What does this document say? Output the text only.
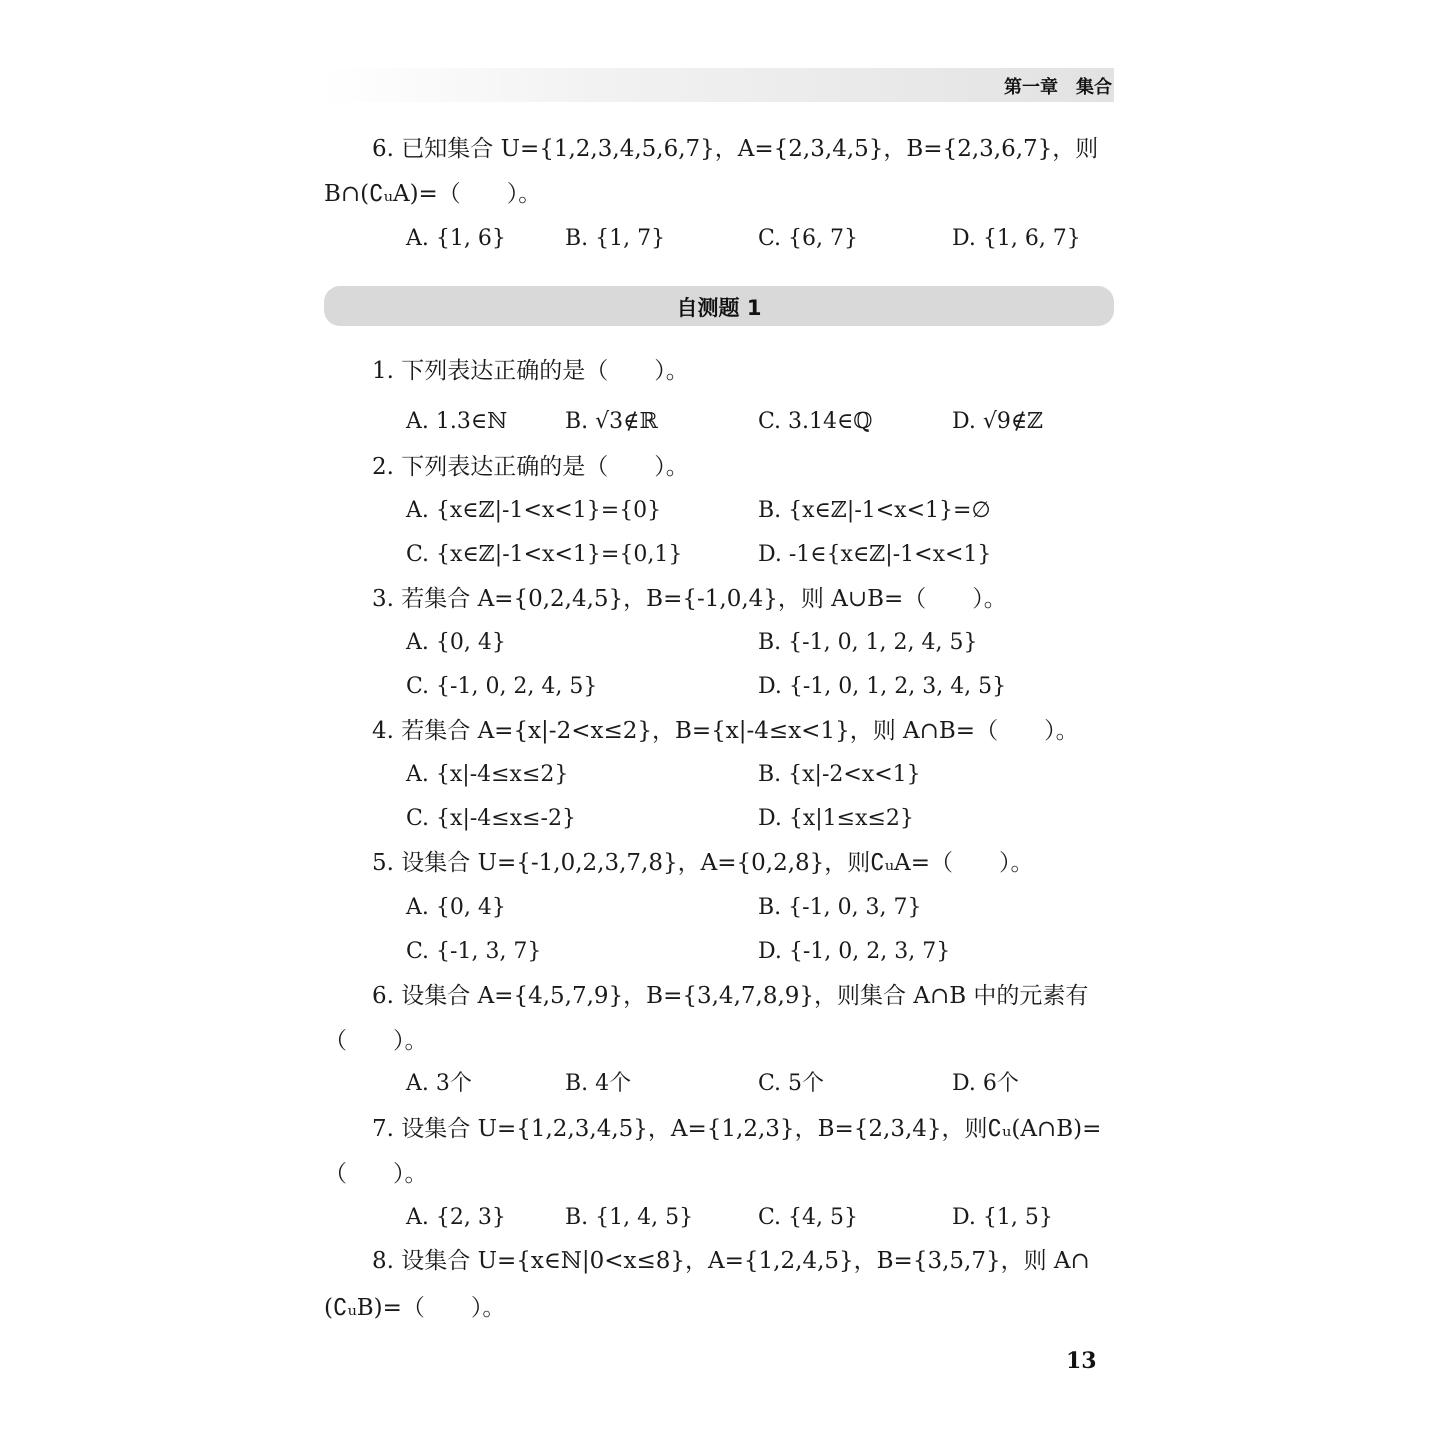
第一章　集合
6. 已知集合 U={1,2,3,4,5,6,7}，A={2,3,4,5}，B={2,3,6,7}，则
B∩(∁ᵤA)=（　　）。
A. {1, 6}	B. {1, 7}	C. {6, 7}	D. {1, 6, 7}
自测题 1
1. 下列表达正确的是（　　）。
A. 1.3∈ℕ	B. √3∉ℝ	C. 3.14∈ℚ	D. √9∉ℤ
2. 下列表达正确的是（　　）。
A. {x∈ℤ|-1<x<1}={0}	B. {x∈ℤ|-1<x<1}=∅
C. {x∈ℤ|-1<x<1}={0,1}	D. -1∈{x∈ℤ|-1<x<1}
3. 若集合 A={0,2,4,5}，B={-1,0,4}，则 A∪B=（　　）。
A. {0, 4}	B. {-1, 0, 1, 2, 4, 5}
C. {-1, 0, 2, 4, 5}	D. {-1, 0, 1, 2, 3, 4, 5}
4. 若集合 A={x|-2<x≤2}，B={x|-4≤x<1}，则 A∩B=（　　）。
A. {x|-4≤x≤2}	B. {x|-2<x<1}
C. {x|-4≤x≤-2}	D. {x|1≤x≤2}
5. 设集合 U={-1,0,2,3,7,8}，A={0,2,8}，则∁ᵤA=（　　）。
A. {0, 4}	B. {-1, 0, 3, 7}
C. {-1, 3, 7}	D. {-1, 0, 2, 3, 7}
6. 设集合 A={4,5,7,9}，B={3,4,7,8,9}，则集合 A∩B 中的元素有
（　　）。
A. 3个	B. 4个	C. 5个	D. 6个
7. 设集合 U={1,2,3,4,5}，A={1,2,3}，B={2,3,4}，则∁ᵤ(A∩B)=
（　　）。
A. {2, 3}	B. {1, 4, 5}	C. {4, 5}	D. {1, 5}
8. 设集合 U={x∈ℕ|0<x≤8}，A={1,2,4,5}，B={3,5,7}，则 A∩
(∁ᵤB)=（　　）。
13
